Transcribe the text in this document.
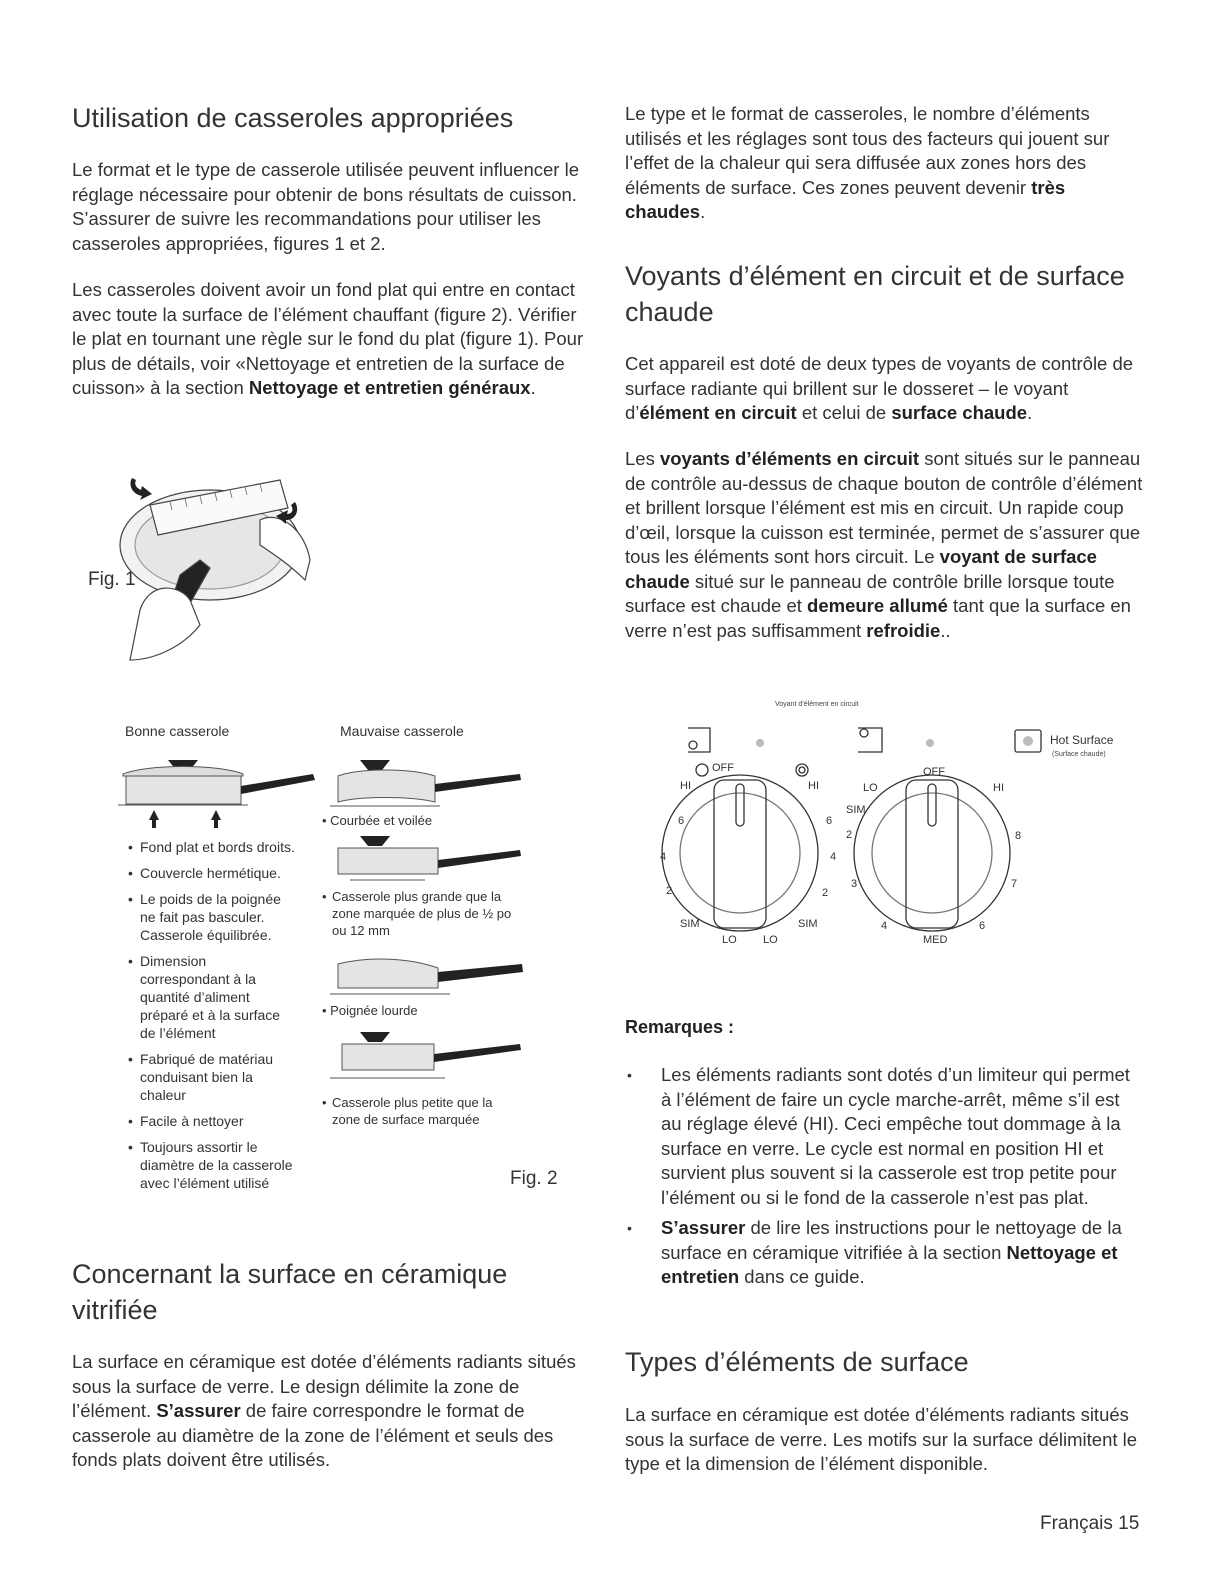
Utilisation de casseroles appropriées

Le format et le type de casserole utilisée peuvent influencer le réglage nécessaire pour obtenir de bons résultats de cuisson. S’assurer de suivre les recommandations pour utiliser les casseroles appropriées, figures 1 et 2.

Les casseroles doivent avoir un fond plat qui entre en contact avec toute la surface de l’élément chauffant (figure 2). Vérifier le plat en tournant une règle sur le fond du plat (figure 1). Pour plus de détails, voir «Nettoyage et entretien de la surface de cuisson» à la section Nettoyage et entretien généraux.

Fig. 1
Bonne casserole	Mauvaise casserole
• Fond plat et bords droits.
• Couvercle hermétique.
• Le poids de la poignée ne fait pas basculer. Casserole équilibrée.
• Dimension correspondant à la quantité d’aliment préparé et à la surface de l’élément
• Fabriqué de matériau conduisant bien la chaleur
• Facile à nettoyer
• Toujours assortir le diamètre de la casserole avec l’élément utilisé
• Courbée et voilée
• Casserole plus grande que la zone marquée de plus de ½ po ou 12 mm
• Poignée lourde
• Casserole plus petite que la zone de surface marquée
Fig. 2
Concernant la surface en céramique vitrifiée

La surface en céramique est dotée d’éléments radiants situés sous la surface de verre. Le design délimite la zone de l’élément. S’assurer de faire correspondre le format de casserole au diamètre de la zone de l’élément et seuls des fonds plats doivent être utilisés.

Le type et le format de casseroles, le nombre d’éléments utilisés et les réglages sont tous des facteurs qui jouent sur l’effet de la chaleur qui sera diffusée aux zones hors des éléments de surface. Ces zones peuvent devenir très chaudes.

Voyants d’élément en circuit et de surface chaude

Cet appareil est doté de deux types de voyants de contrôle de surface radiante qui brillent sur le dosseret – le voyant d’élément en circuit et celui de surface chaude.

Les voyants d’éléments en circuit sont situés sur le panneau de contrôle au-dessus de chaque bouton de contrôle d’élément et brillent lorsque l’élément est mis en circuit. Un rapide coup d’œil, lorsque la cuisson est terminée, permet de s’assurer que tous les éléments sont hors circuit. Le voyant de surface chaude situé sur le panneau de contrôle brille lorsque toute surface est chaude et demeure allumé tant que la surface en verre n’est pas suffisamment refroidie..

Voyant d’élément en circuit
Hot Surface
(Surface chaude)
OFF
HI	HI
6
4
2
SIM
LO
6
4
2
SIM
LO
OFF
LO
SIM
2
3
4
MED
6
7
8
HI
Remarques :
• Les éléments radiants sont dotés d’un limiteur qui permet à l’élément de faire un cycle marche-arrêt, même s’il est au réglage élevé (HI). Ceci empêche tout dommage à la surface en verre. Le cycle est normal en position HI et survient plus souvent si la casserole est trop petite pour l’élément ou si le fond de la casserole n’est pas plat.
• S’assurer de lire les instructions pour le nettoyage de la surface en céramique vitrifiée à la section Nettoyage et entretien dans ce guide.
Types d’éléments de surface

La surface en céramique est dotée d’éléments radiants situés sous la surface de verre. Les motifs sur la surface délimitent le type et la dimension de l’élément disponible.

Français 15
